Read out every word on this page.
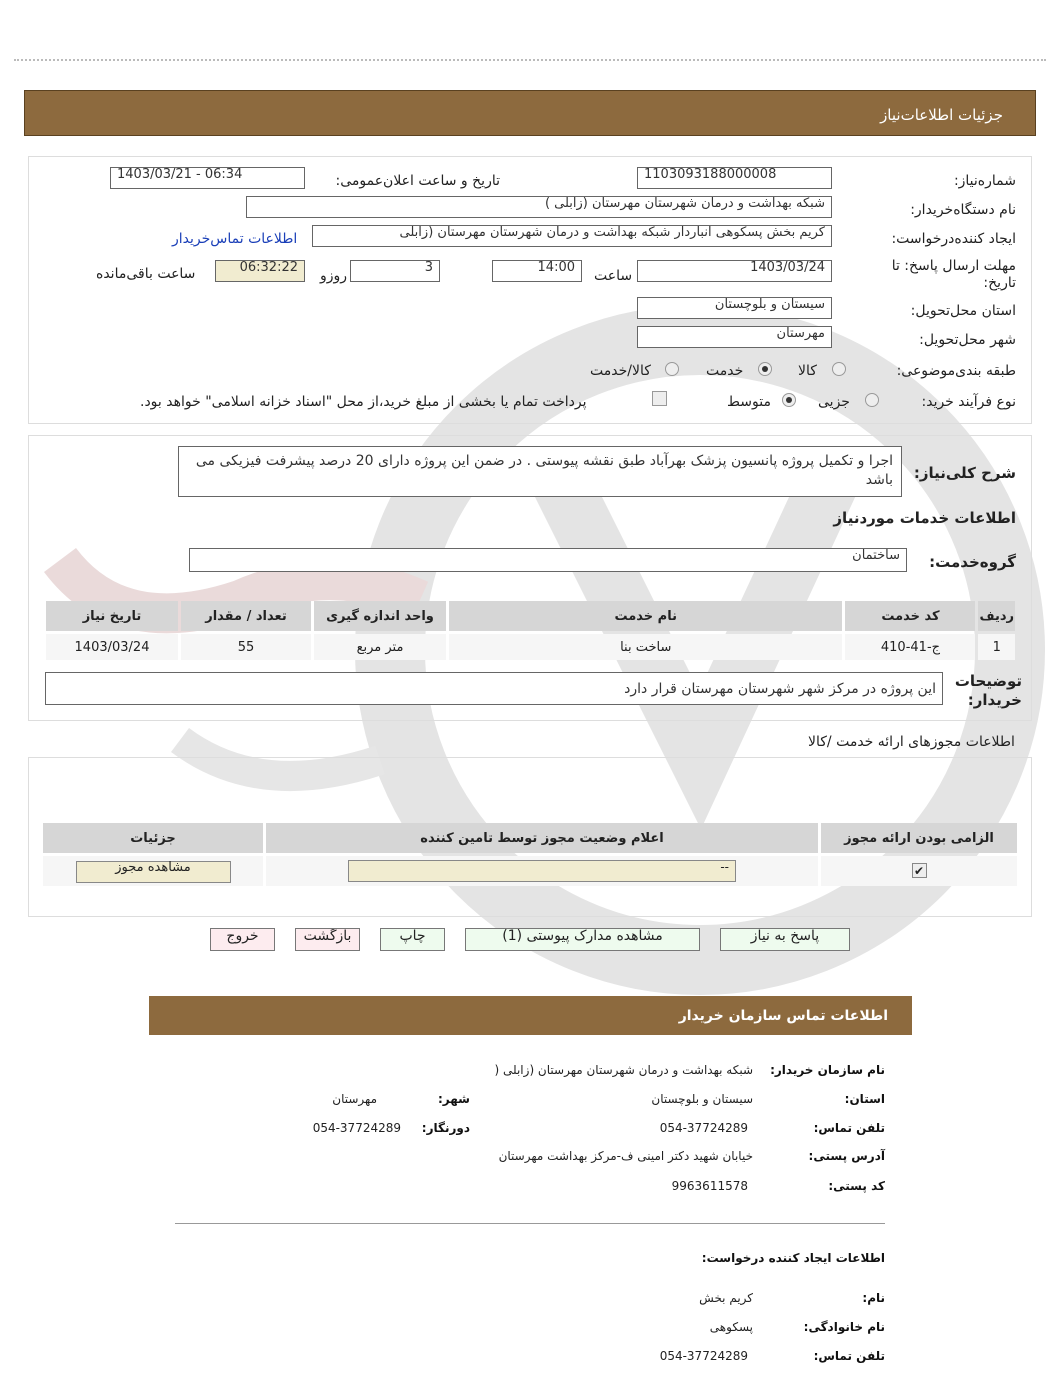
جزئیات اطلاعات‌نیاز
شماره‌نیاز:
1103093188000008
تاریخ و ساعت اعلان‌عمومی:
1403/03/21 - 06:34
نام دستگاه‌خریدار:
شبکه بهداشت و درمان شهرستان مهرستان (زابلی )
ایجاد کننده‌درخواست:
کریم بخش پسکوهی انباردار شبکه بهداشت و درمان شهرستان مهرستان (زابلی
اطلاعات تماس‌خریدار
مهلت ارسال پاسخ: تا تاریخ:
1403/03/24
ساعت
14:00
3
روزو
06:32:22
ساعت باقی‌مانده
استان محل‌تحویل:
سیستان و بلوچستان
شهر محل‌تحویل:
مهرستان
طبقه بندی‌موضوعی:
کالا
خدمت
کالا/خدمت
نوع فرآیند خرید:
جزیی
متوسط
پرداخت تمام یا بخشی از مبلغ خرید،از محل "اسناد خزانه اسلامی" خواهد بود.
شرح کلی‌نیاز:
اجرا و تکمیل پروژه پانسیون پزشک بهرآباد طبق نقشه پیوستی . در ضمن این پروژه دارای 20 درصد پیشرفت فیزیکی می باشد
اطلاعات خدمات موردنیاز
گروه‌خدمت:
ساختمان
ردیف	کد خدمت	نام خدمت	واحد اندازه گیری	تعداد / مقدار	تاریخ نیاز
1	ج-41-410	ساخت بنا	متر مربع	55	1403/03/24
توضیحات خریدار:
این پروژه در مرکز شهر شهرستان مهرستان قرار دارد
اطلاعات مجوزهای ارائه خدمت /کالا
الزامی بودن ارائه مجوز	اعلام وضعیت مجوز توسط تامین کننده	جزئیات
✔	--	مشاهده مجوز
پاسخ به نیاز
مشاهده مدارک پیوستی (1)
چاپ
بازگشت
خروج
اطلاعات تماس سازمان خریدار
نام سازمان خریدار:
شبکه بهداشت و درمان شهرستان مهرستان (زابلی (
استان:
سیستان و بلوچستان
شهر:
مهرستان
تلفن تماس:
054-37724289
دورنگار:
054-37724289
آدرس پستی:
خیابان شهید دکتر امینی ف-مرکز بهداشت مهرستان
کد پستی:
9963611578
اطلاعات ایجاد کننده درخواست:
نام:
کریم بخش
نام خانوادگی:
پسکوهی
تلفن تماس:
054-37724289
